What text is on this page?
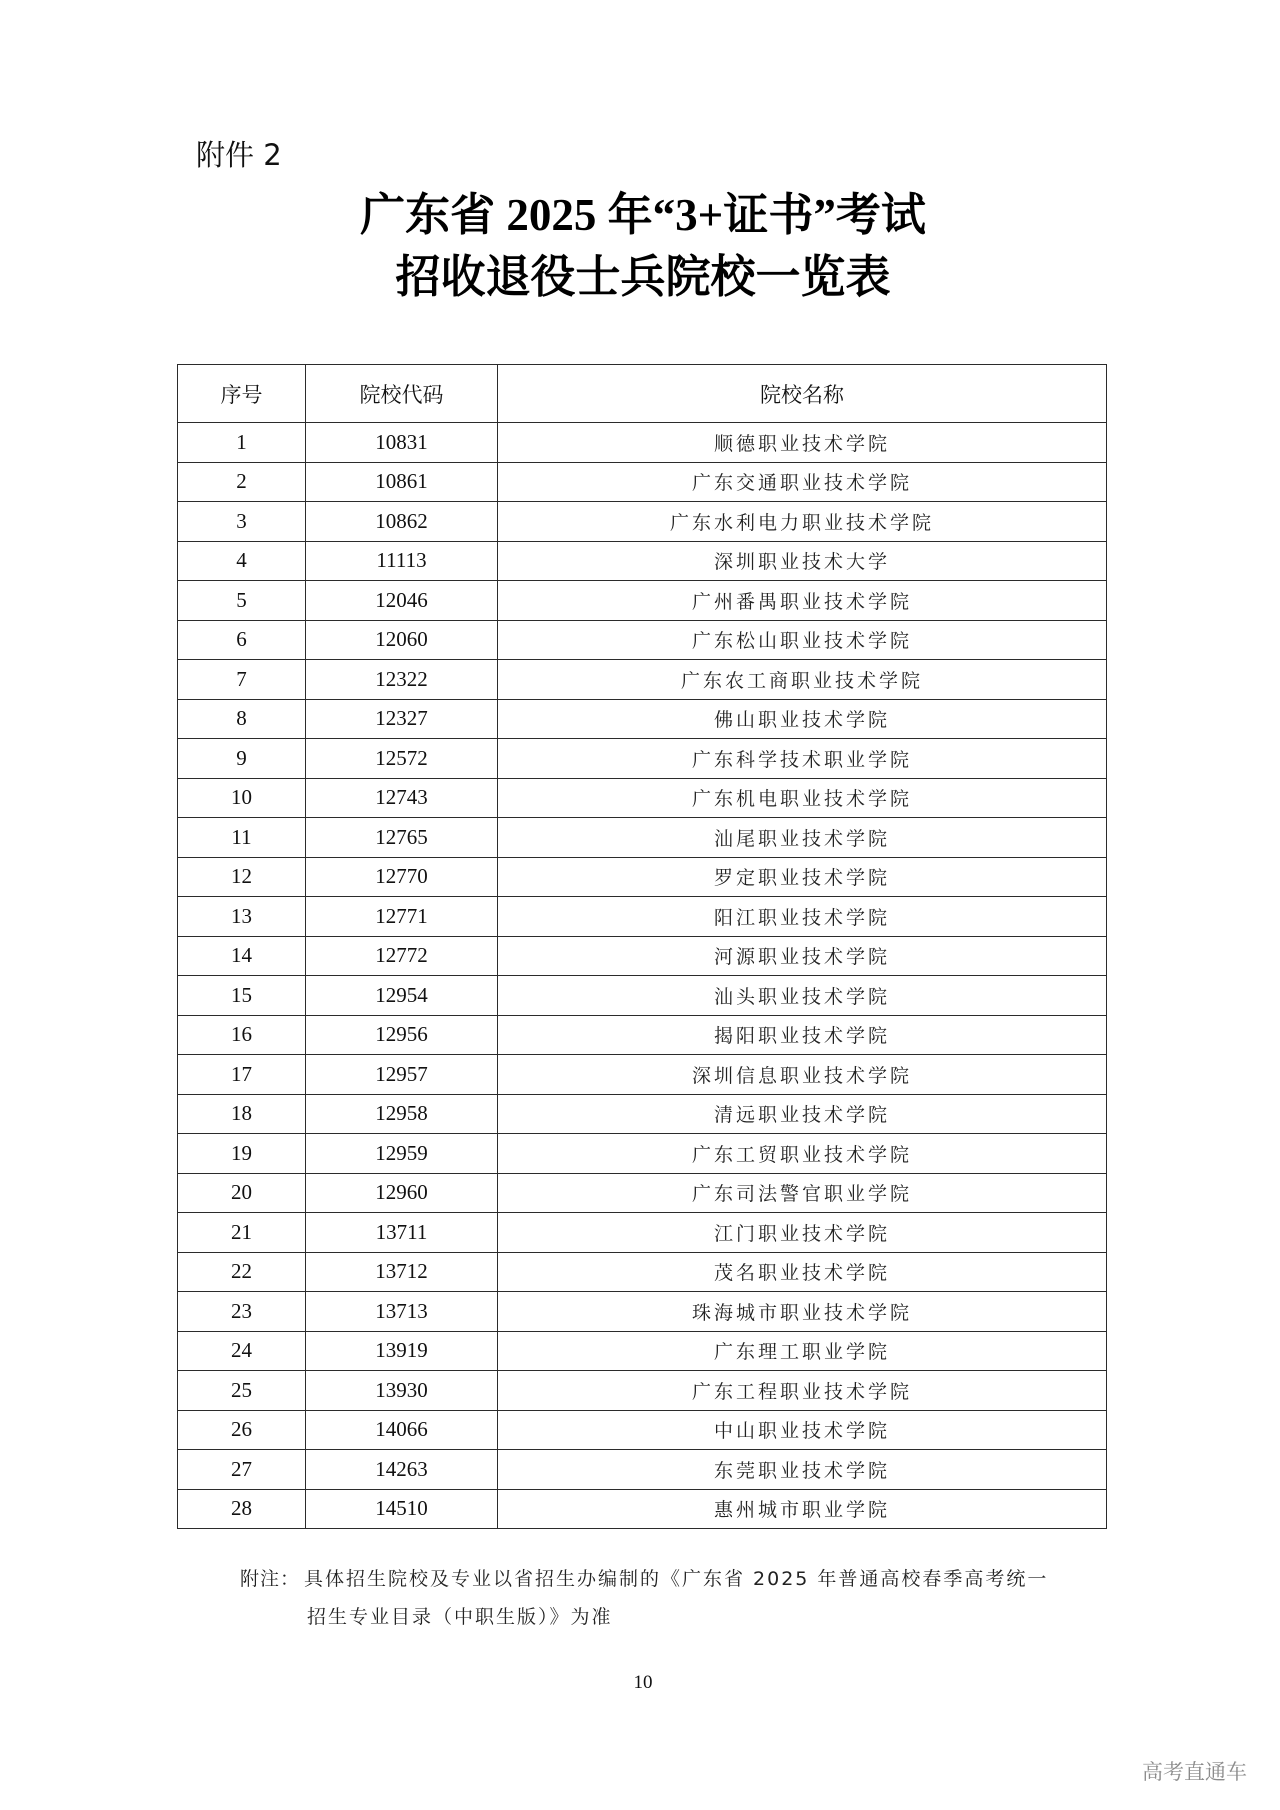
附件 2
广东省 2025 年“3+证书”考试
招收退役士兵院校一览表
序号	院校代码	院校名称
1	10831	顺德职业技术学院
2	10861	广东交通职业技术学院
3	10862	广东水利电力职业技术学院
4	11113	深圳职业技术大学
5	12046	广州番禺职业技术学院
6	12060	广东松山职业技术学院
7	12322	广东农工商职业技术学院
8	12327	佛山职业技术学院
9	12572	广东科学技术职业学院
10	12743	广东机电职业技术学院
11	12765	汕尾职业技术学院
12	12770	罗定职业技术学院
13	12771	阳江职业技术学院
14	12772	河源职业技术学院
15	12954	汕头职业技术学院
16	12956	揭阳职业技术学院
17	12957	深圳信息职业技术学院
18	12958	清远职业技术学院
19	12959	广东工贸职业技术学院
20	12960	广东司法警官职业学院
21	13711	江门职业技术学院
22	13712	茂名职业技术学院
23	13713	珠海城市职业技术学院
24	13919	广东理工职业学院
25	13930	广东工程职业技术学院
26	14066	中山职业技术学院
27	14263	东莞职业技术学院
28	14510	惠州城市职业学院
附注： 具体招生院校及专业以省招生办编制的《广东省 2025 年普通高校春季高考统一
招生专业目录（中职生版）》为准
10
高考直通车
